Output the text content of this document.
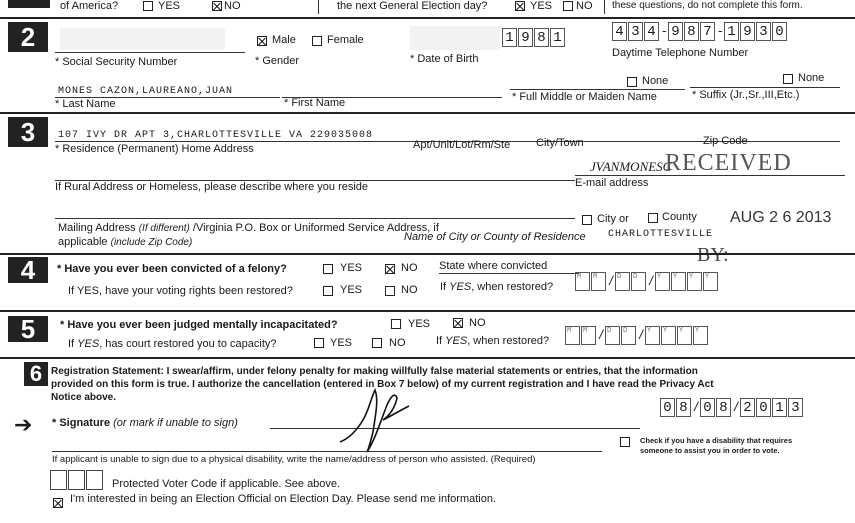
of America?	YES	NO	the next General Election day?	YES NO these questions, do not complete this form.
2
* Social Security Number
Male	Female
* Gender
1 9 8 1
* Date of Birth
4 3 4 - 9 8 7 - 1 9 3 0
Daytime Telephone Number
MONES CAZON,LAUREANO,JUAN
* Last Name	* First Name
None
* Full Middle or Maiden Name
None
* Suffix (Jr.,Sr.,III,Etc.)
3	107 IVY DR APT 3,CHARLOTTESVILLE VA 229035008
* Residence (Permanent) Home Address	Apt/Unit/Lot/Rm/Ste City/Town	Zip Code
If Rural Address or Homeless, please describe where you reside
JVANMONESC
RECEIVED
E-mail address
Mailing Address (If different) /Virginia P.O. Box or Uniformed Service Address, if
applicable (include Zip Code)
City or	County AUG 2 6 2013
Name of City or County of Residence CHARLOTTESVILLE
BY:
4	* Have you ever been convicted of a felony?	YES	NO State where convicted
If YES, have your voting rights been restored?	YES	NO If YES, when restored?
M	M / D	D / Y	Y	Y	Y
5	* Have you ever been judged mentally incapacitated?	YES	NO
If YES, has court restored you to capacity?	YES	NO	If YES, when restored?
M	M / D	D / Y	Y	Y	Y
6 Registration Statement: I swear/affirm, under felony penalty for making willfully false material statements or entries, that the information
provided on this form is true. I authorize the cancellation (entered in Box 7 below) of my current registration and I have read the Privacy Act
Notice above.
➔ * Signature (or mark if unable to sign)
0 8 / 0 8 / 2 0 1 3
Check if you have a disability that requires
someone to assist you in order to vote.
If applicant is unable to sign due to a physical disability, write the name/address of person who assisted. (Required)
Protected Voter Code if applicable. See above.
I'm interested in being an Election Official on Election Day. Please send me information.
